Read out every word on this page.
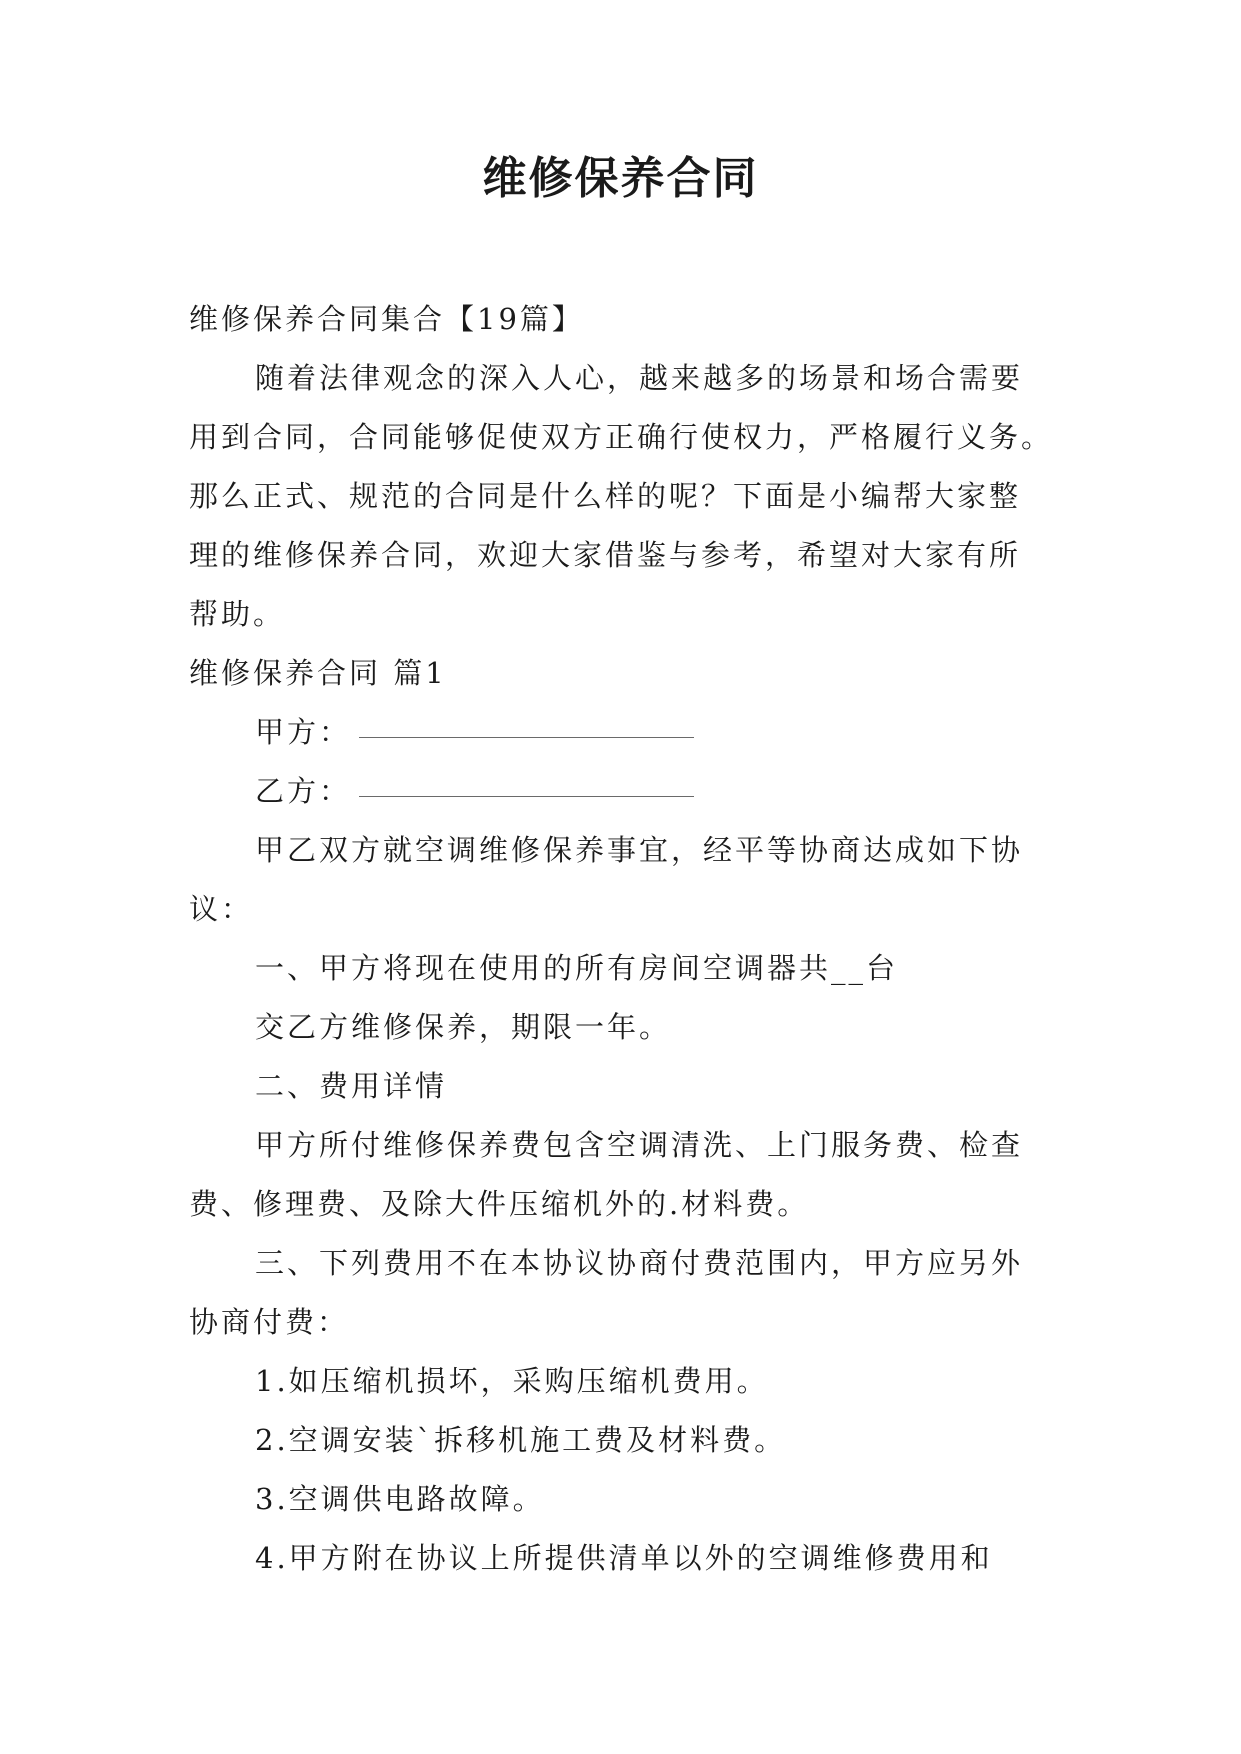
维修保养合同
维修保养合同集合【19篇】
随着法律观念的深入人心，越来越多的场景和场合需要
用到合同，合同能够促使双方正确行使权力，严格履行义务。
那么正式、规范的合同是什么样的呢？下面是小编帮大家整
理的维修保养合同，欢迎大家借鉴与参考，希望对大家有所
帮助。
维修保养合同 篇1
甲方：
乙方：
甲乙双方就空调维修保养事宜，经平等协商达成如下协
议：
一、甲方将现在使用的所有房间空调器共__台
交乙方维修保养，期限一年。
二、费用详情
甲方所付维修保养费包含空调清洗、上门服务费、检查
费、修理费、及除大件压缩机外的.材料费。
三、下列费用不在本协议协商付费范围内，甲方应另外
协商付费：
1.如压缩机损坏，采购压缩机费用。
2.空调安装`拆移机施工费及材料费。
3.空调供电路故障。
4.甲方附在协议上所提供清单以外的空调维修费用和
